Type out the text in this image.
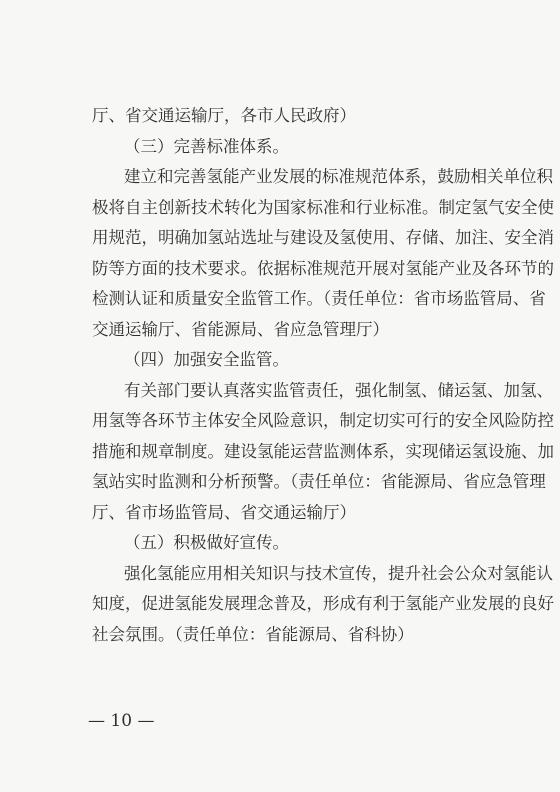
厅、省交通运输厅，各市人民政府）
（三）完善标准体系。
建立和完善氢能产业发展的标准规范体系，鼓励相关单位积
极将自主创新技术转化为国家标准和行业标准。制定氢气安全使
用规范，明确加氢站选址与建设及氢使用、存储、加注、安全消
防等方面的技术要求。依据标准规范开展对氢能产业及各环节的
检测认证和质量安全监管工作。（责任单位：省市场监管局、省
交通运输厅、省能源局、省应急管理厅）
（四）加强安全监管。
有关部门要认真落实监管责任，强化制氢、储运氢、加氢、
用氢等各环节主体安全风险意识，制定切实可行的安全风险防控
措施和规章制度。建设氢能运营监测体系，实现储运氢设施、加
氢站实时监测和分析预警。（责任单位：省能源局、省应急管理
厅、省市场监管局、省交通运输厅）
（五）积极做好宣传。
强化氢能应用相关知识与技术宣传，提升社会公众对氢能认
知度，促进氢能发展理念普及，形成有利于氢能产业发展的良好
社会氛围。（责任单位：省能源局、省科协）
— 10 —
